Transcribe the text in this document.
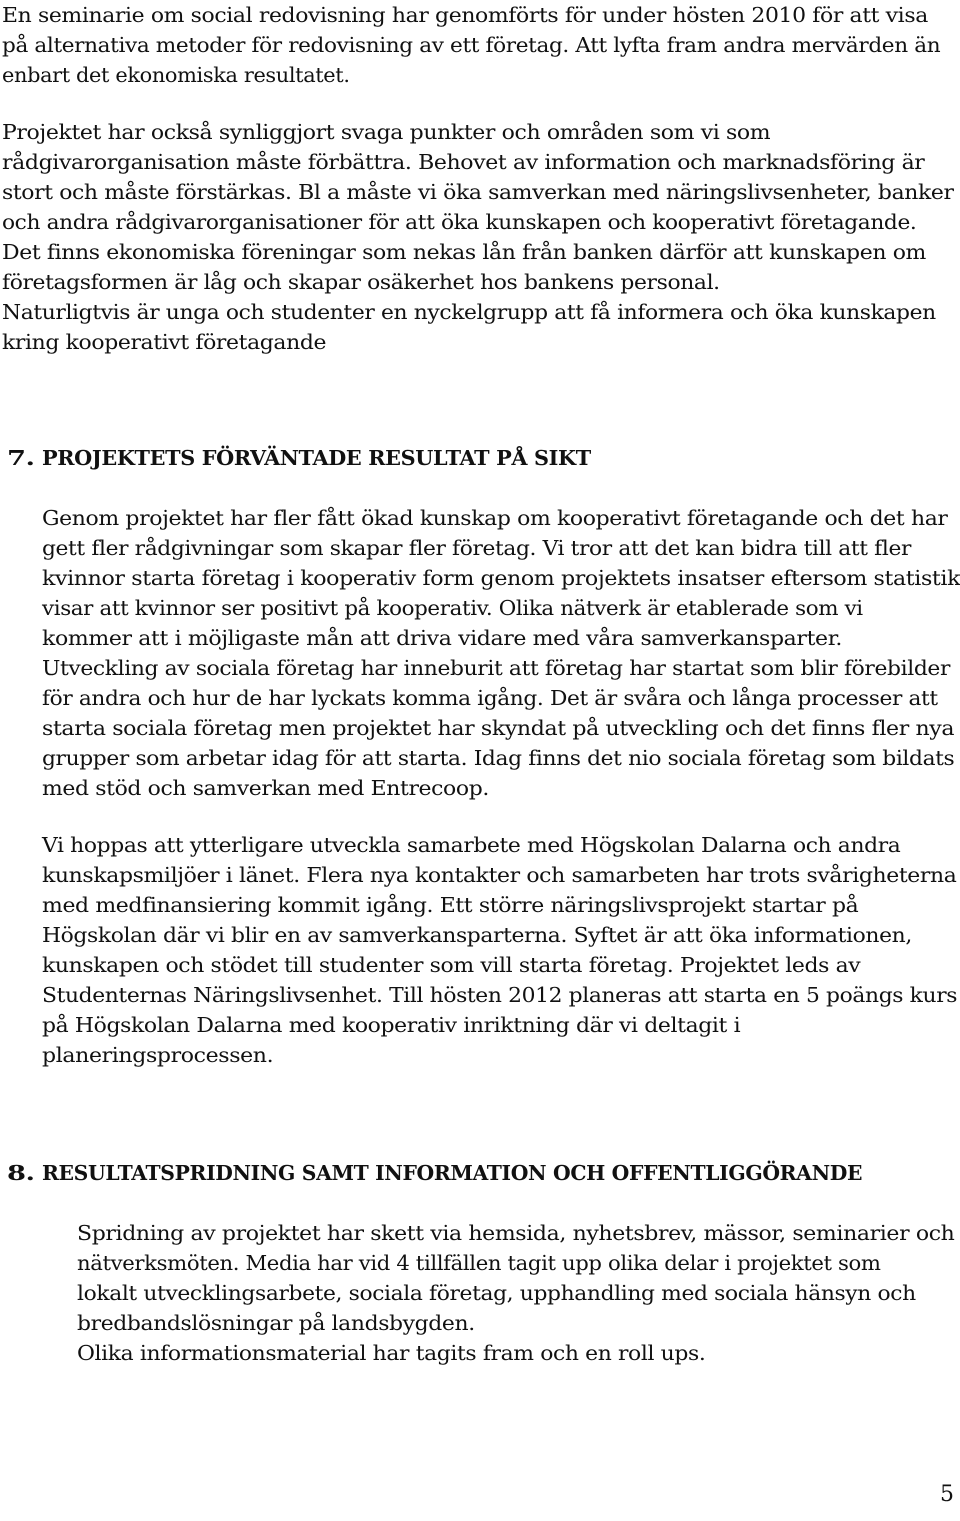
En seminarie om social redovisning har genomförts för under hösten 2010 för att visa
på alternativa metoder för redovisning av ett företag. Att lyfta fram andra mervärden än
enbart det ekonomiska resultatet.
Projektet har också synliggjort svaga punkter och områden som vi som
rådgivarorganisation måste förbättra. Behovet av information och marknadsföring är
stort och måste förstärkas. Bl a måste vi öka samverkan med näringslivsenheter, banker
och andra rådgivarorganisationer för att öka kunskapen och kooperativt företagande.
Det finns ekonomiska föreningar som nekas lån från banken därför att kunskapen om
företagsformen är låg och skapar osäkerhet hos bankens personal.
Naturligtvis är unga och studenter en nyckelgrupp att få informera och öka kunskapen
kring kooperativt företagande
7. PROJEKTETS FÖRVÄNTADE RESULTAT PÅ SIKT
Genom projektet har fler fått ökad kunskap om kooperativt företagande och det har
gett fler rådgivningar som skapar fler företag. Vi tror att det kan bidra till att fler
kvinnor starta företag i kooperativ form genom projektets insatser eftersom statistik
visar att kvinnor ser positivt på kooperativ. Olika nätverk är etablerade som vi
kommer att i möjligaste mån att driva vidare med våra samverkansparter.
Utveckling av sociala företag har inneburit att företag har startat som blir förebilder
för andra och hur de har lyckats komma igång. Det är svåra och långa processer att
starta sociala företag men projektet har skyndat på utveckling och det finns fler nya
grupper som arbetar idag för att starta. Idag finns det nio sociala företag som bildats
med stöd och samverkan med Entrecoop.
Vi hoppas att ytterligare utveckla samarbete med Högskolan Dalarna och andra
kunskapsmiljöer i länet. Flera nya kontakter och samarbeten har trots svårigheterna
med medfinansiering kommit igång. Ett större näringslivsprojekt startar på
Högskolan där vi blir en av samverkansparterna. Syftet är att öka informationen,
kunskapen och stödet till studenter som vill starta företag. Projektet leds av
Studenternas Näringslivsenhet. Till hösten 2012 planeras att starta en 5 poängs kurs
på Högskolan Dalarna med kooperativ inriktning där vi deltagit i
planeringsprocessen.
8. RESULTATSPRIDNING SAMT INFORMATION OCH OFFENTLIGGÖRANDE
Spridning av projektet har skett via hemsida, nyhetsbrev, mässor, seminarier och
nätverksmöten. Media har vid 4 tillfällen tagit upp olika delar i projektet som
lokalt utvecklingsarbete, sociala företag, upphandling med sociala hänsyn och
bredbandslösningar på landsbygden.
Olika informationsmaterial har tagits fram och en roll ups.
5
